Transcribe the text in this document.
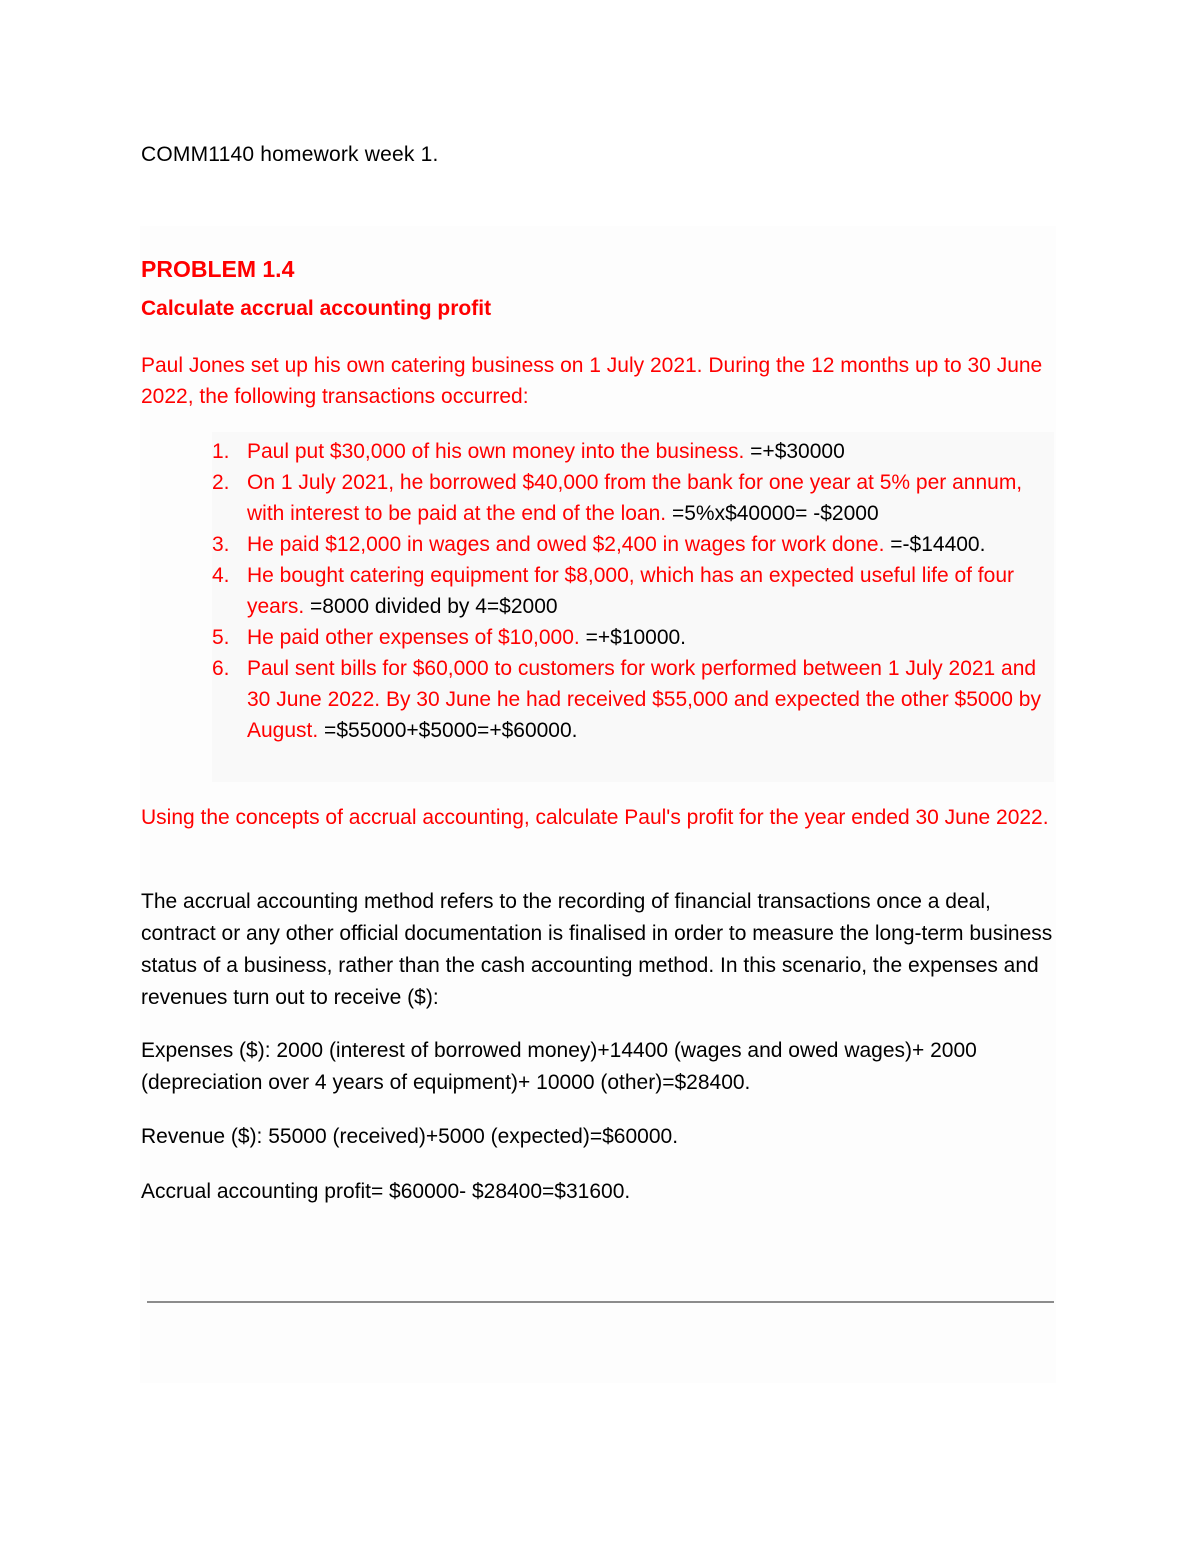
COMM1140 homework week 1.
PROBLEM 1.4
Calculate accrual accounting profit
Paul Jones set up his own catering business on 1 July 2021. During the 12 months up to 30 June 2022, the following transactions occurred:
1. Paul put $30,000 of his own money into the business. =+$30000
2. On 1 July 2021, he borrowed $40,000 from the bank for one year at 5% per annum, with interest to be paid at the end of the loan. =5%x$40000= -$2000
3. He paid $12,000 in wages and owed $2,400 in wages for work done. =-$14400.
4. He bought catering equipment for $8,000, which has an expected useful life of four years. =8000 divided by 4=$2000
5. He paid other expenses of $10,000. =+$10000.
6. Paul sent bills for $60,000 to customers for work performed between 1 July 2021 and 30 June 2022. By 30 June he had received $55,000 and expected the other $5000 by August. =$55000+$5000=+$60000.
Using the concepts of accrual accounting, calculate Paul's profit for the year ended 30 June 2022.

The accrual accounting method refers to the recording of financial transactions once a deal, contract or any other official documentation is finalised in order to measure the long-term business status of a business, rather than the cash accounting method. In this scenario, the expenses and revenues turn out to receive ($):

Expenses ($): 2000 (interest of borrowed money)+14400 (wages and owed wages)+ 2000 (depreciation over 4 years of equipment)+ 10000 (other)=$28400.

Revenue ($): 55000 (received)+5000 (expected)=$60000.

Accrual accounting profit= $60000- $28400=$31600.
